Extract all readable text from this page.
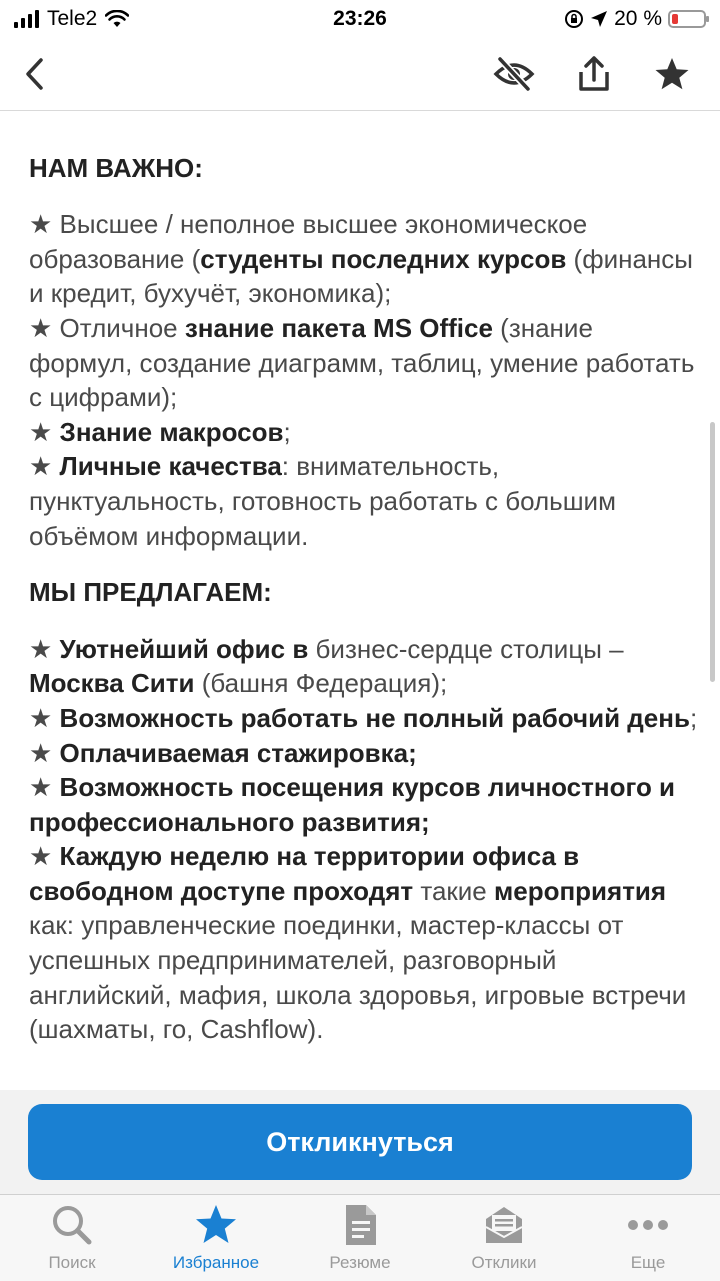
НАМ ВАЖНО:

★ Высшее / неполное высшее экономическое образование (студенты последних курсов (финансы и кредит, бухучёт, экономика);

★ Отличное знание пакета MS Office (знание формул, создание диаграмм, таблиц, умение работать с цифрами);

★ Знание макросов;

★ Личные качества: внимательность, пунктуальность, готовность работать с большим объёмом информации.

МЫ ПРЕДЛАГАЕМ:

★ Уютнейший офис в бизнес-сердце столицы – Москва Сити (башня Федерация);

★ Возможность работать не полный рабочий день;

★ Оплачиваемая стажировка;

★ Возможность посещения курсов личностного и профессионального развития;

★ Каждую неделю на территории офиса в свободном доступе проходят такие мероприятия как: управленческие поединки, мастер-классы от успешных предпринимателей, разговорный английский, мафия, школа здоровья, игровые встречи (шахматы, го, Cashflow).

Tele2	23:26	20 %
Откликнуться
Поиск	Избранное	Резюме	Отклики	Еще
